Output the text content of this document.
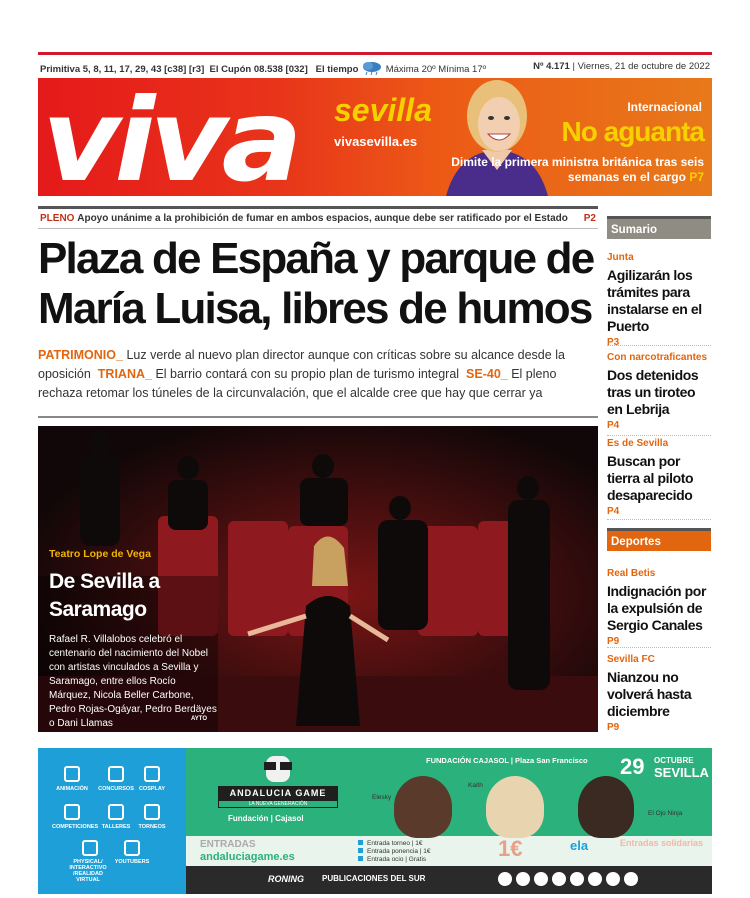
Primitiva 5, 8, 11, 17, 29, 43 [c38] [r3] El Cupón 08.538 [032] El tiempo	Máxima 20º Mínima 17º	Nº 4.171 | Viernes, 21 de octubre de 2022
viva sevilla
vivasevilla.es
Internacional
No aguanta
Dimite la primera ministra británica tras seis semanas en el cargo P7
PLENO Apoyo unánime a la prohibición de fumar en ambos espacios, aunque debe ser ratificado por el Estado P2
Plaza de España y parque de María Luisa, libres de humos
PATRIMONIO_ Luz verde al nuevo plan director aunque con críticas sobre su alcance desde la oposición TRIANA_ El barrio contará con su propio plan de turismo integral SE-40_ El pleno rechaza retomar los túneles de la circunvalación, que el alcalde cree que hay que cerrar ya
Teatro Lope de Vega
De Sevilla a Saramago
Rafael R. Villalobos celebró el centenario del nacimiento del Nobel con artistas vinculados a Sevilla y Saramago, entre ellos Rocío Márquez, Nicola Beller Carbone, Pedro Rojas-Ogáyar, Pedro Berdäyes o Dani Llamas	AYTO
Sumario
Junta
Agilizarán los trámites para instalarse en el Puerto
P3
Con narcotraficantes
Dos detenidos tras un tiroteo en Lebrija
P4
Es de Sevilla
Buscan por tierra al piloto desaparecido
P4
Deportes
Real Betis
Indignación por la expulsión de Sergio Canales
P9
Sevilla FC
Nianzou no volverá hasta diciembre
P9
ANIMACIÓN	CONCURSOS COSPLAY
COMPETICIONES TALLERES	TORNEOS
PHYSICAL/ INTERACTIVO /REALIDAD VIRTUAL
YOUTUBERS
FUNDACIÓN CAJASOL | Plaza San Francisco 29 OCTUBRE
SEVILLA
ANDALUCIA GAME
LA NUEVA GENERACIÓN
Fundación | Cajasol
Elesky
Kaith
El Ojo Ninja
RONING PUBLICACIONES DEL SUR
ENTRADAS
andaluciagame.es
Entrada torneo | 1€
Entrada ponencia | 1€
Entrada ocio | Gratis	1€	ela	Entradas solidarias
